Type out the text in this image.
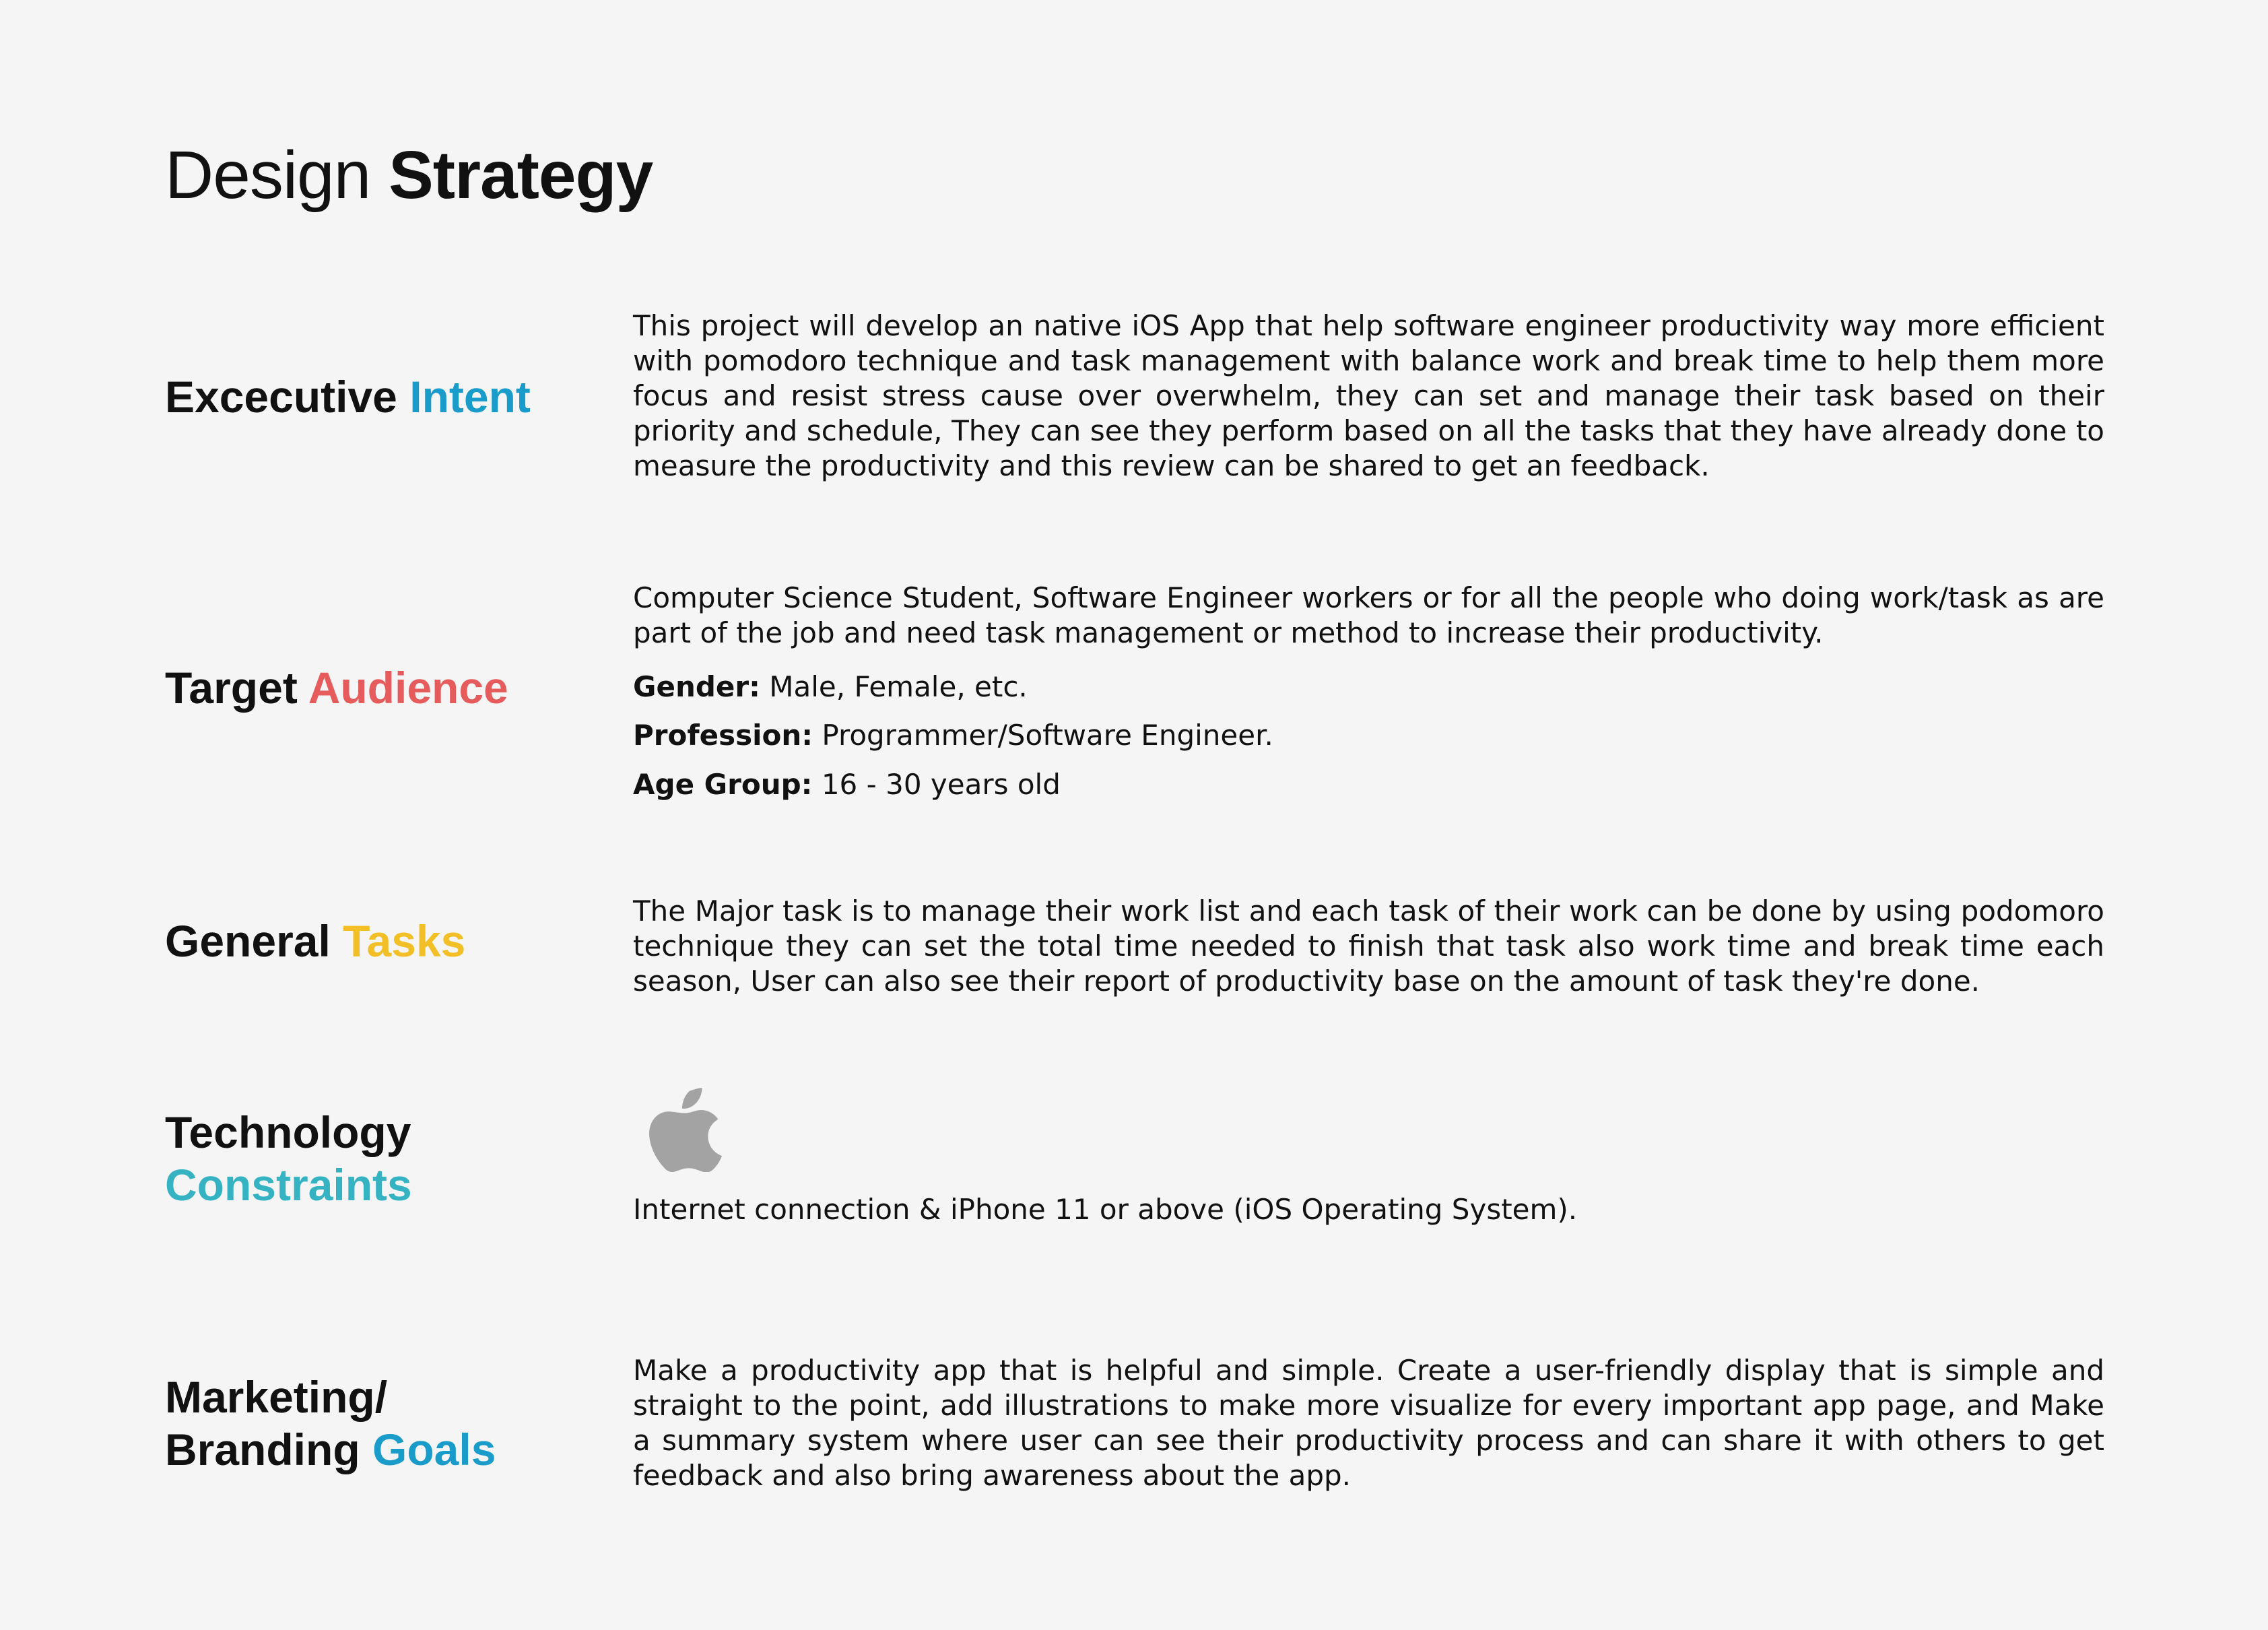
Design Strategy
Excecutive Intent

This project will develop an native iOS App that help software engineer productivity way more efficient with pomodoro technique and task management with balance work and break time to help them more focus and resist stress cause over overwhelm, they can set and manage their task based on their priority and schedule, They can see they perform based on all the tasks that they have already done to measure the productivity and this review can be shared to get an feedback.

Target Audience

Computer Science Student, Software Engineer workers or for all the people who doing work/task as are part of the job and need task management or method to increase their productivity.

Gender: Male, Female, etc.

Profession: Programmer/Software Engineer.

Age Group: 16 - 30 years old

General Tasks

The Major task is to manage their work list and each task of their work can be done by using podomoro technique they can set the total time needed to finish that task also work time and break time each season, User can also see their report of productivity base on the amount of task they're done.

Technology
Constraints	Internet connection & iPhone 11 or above (iOS Operating System).

Marketing/
Branding Goals

Make a productivity app that is helpful and simple. Create a user-friendly display that is simple and straight to the point, add illustrations to make more visualize for every important app page, and Make a summary system where user can see their productivity process and can share it with others to get feedback and also bring awareness about the app.
